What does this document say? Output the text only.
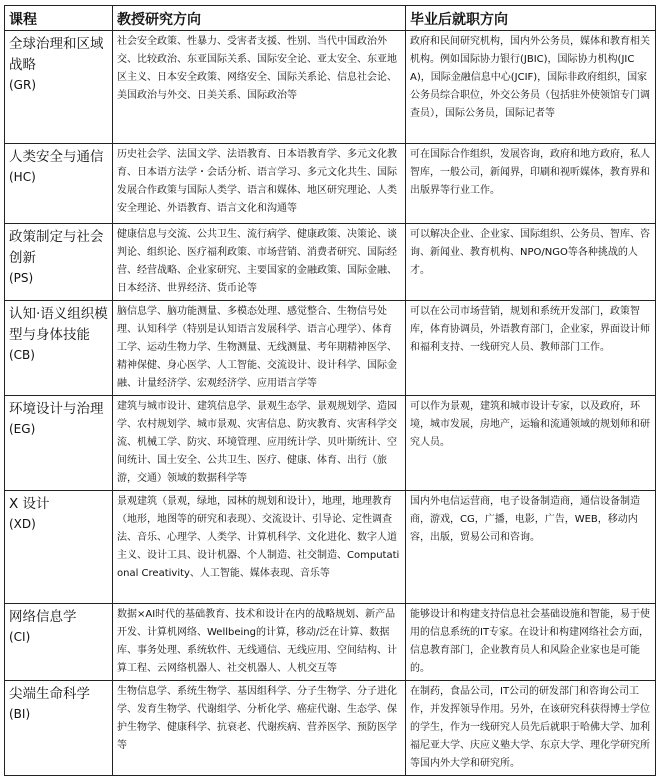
课程	教授研究方向	毕业后就职方向
全球治理和区域战略
(GR)	社会安全政策、性暴力、受害者支援、性别、当代中国政治外交、比较政治、东亚国际关系、国际安全论、亚太安全、东亚地区主义、日本安全政策、网络安全、国际关系论、信息社会论、美国政治与外交、日美关系、国际政治等	政府和民间研究机构，国内外公务员，媒体和教育相关机构。例如国际协力银行(JBIC)，国际协力机构(JICA)，国际金融信息中心(JCIF)，国际非政府组织，国家公务员综合职位，外交公务员（包括驻外使领馆专门调查员），国际公务员，国际记者等
人类安全与通信
(HC)	历史社会学、法国文学、法语教育、日本语教育学、多元文化教育、日本语方法学・会话分析、语言学习、多元文化共生、国际发展合作政策与国际人类学、语言和媒体、地区研究理论、人类安全理论、外语教育、语言文化和沟通等	可在国际合作组织，发展咨询，政府和地方政府，私人智库，一般公司，新闻界，印刷和视听媒体，教育界和出版界等行业工作。
政策制定与社会创新
(PS)	健康信息与交流、公共卫生、流行病学、健康政策、决策论、谈判论、组织论、医疗福利政策、市场营销、消费者研究、国际经营、经营战略、企业家研究、主要国家的金融政策、国际金融、日本经济、世界经济、货币论等	可以解决企业、企业家、国际组织、公务员、智库、咨询、新闻业、教育机构、NPO/NGO等各种挑战的人才。
认知·语义组织模型与身体技能
(CB)	脑信息学、脑功能测量、多模态处理、感觉整合、生物信号处理、认知科学（特别是认知语言发展科学、语言心理学）、体育工学、运动生物力学、生物测量、无线测量、考年期精神医学、精神保健、身心医学、人工智能、交流设计、设计科学、国际金融、计量经济学、宏观经济学、应用语言学等	可以在公司市场营销，规划和系统开发部门，政策智库，体育协调员，外语教育部门，企业家，界面设计师和福利支持、一线研究人员、教师部门工作。
环境设计与治理
(EG)	建筑与城市设计、建筑信息学、景观生态学、景观规划学、造园学、农村规划学、城市景观、灾害信息、防灾教育、灾害科学交流、机械工学、防灾、环境管理、应用统计学、贝叶斯统计、空间统计、国土安全、公共卫生、医疗、健康、体育、出行（旅游，交通）领域的数据科学等	可以作为景观，建筑和城市设计专家，以及政府，环境，城市发展，房地产，运输和流通领域的规划师和研究人员。
X 设计
(XD)	景观建筑（景观，绿地，园林的规划和设计），地理，地理教育（地形，地图等的研究和表现）、交流设计、引导论、定性调查法、音乐、心理学、人类学、计算机科学、文化进化、数字人道主义、设计工具、设计机器、个人制造、社交制造、Computational Creativity、人工智能、媒体表现、音乐等	国内外电信运营商，电子设备制造商，通信设备制造商，游戏，CG，广播，电影，广告，WEB，移动内容，出版，贸易公司和咨询。
网络信息学
(CI)	数据×AI时代的基础教育、技术和设计在内的战略规划、新产品开发、计算机网络、Wellbeing的计算，移动/泛在计算、数据库、事务处理、系统软件、无线通信、无线应用、空间结构、计算工程、云网络机器人、社交机器人、人机交互等	能够设计和构建支持信息社会基础设施和智能，易于使用的信息系统的IT专家。在设计和构建网络社会方面，信息教育部门，企业教育员人和风险企业家也是可能的。
尖端生命科学
(BI)	生物信息学、系统生物学、基因组科学、分子生物学、分子进化学、发育生物学、代谢组学、分析化学、癌症代谢、生态学、保护生物学、健康科学、抗衰老、代谢疾病、营养医学、预防医学等	在制药，食品公司，IT公司的研发部门和咨询公司工作，并发挥领导作用。另外，在该研究科获得博士学位的学生，作为一线研究人员先后就职于哈佛大学、加利福尼亚大学、庆应义塾大学、东京大学、理化学研究所等国内外大学和研究所。
